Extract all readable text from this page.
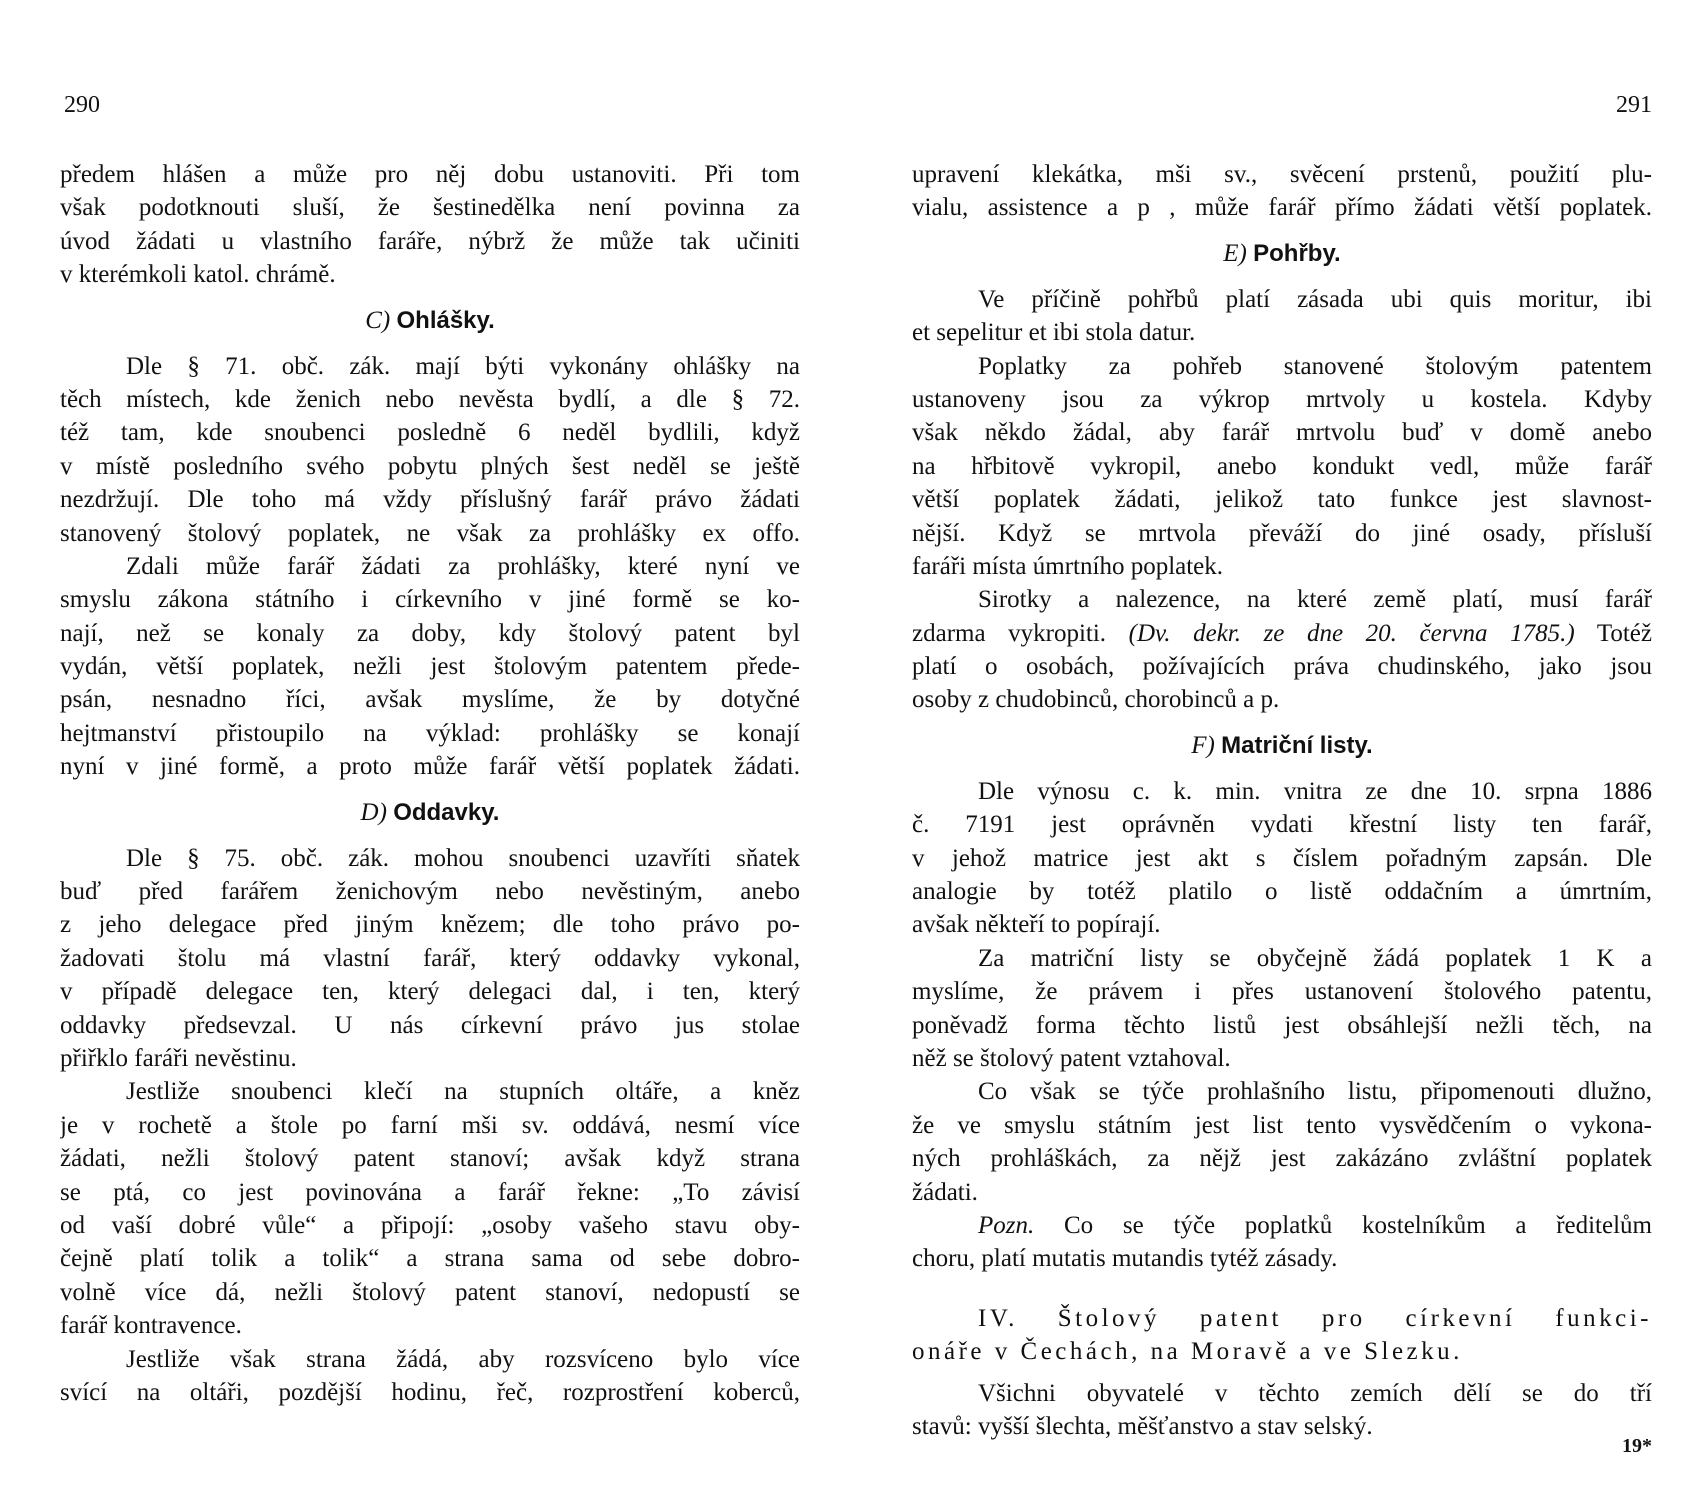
290
předem hlášen a může pro něj dobu ustanoviti. Při tom
však podotknouti sluší, že šestinedělka není povinna za
úvod žádati u vlastního faráře, nýbrž že může tak učiniti
v kterémkoli katol. chrámě.
C) Ohlášky.
Dle § 71. obč. zák. mají býti vykonány ohlášky na
těch místech, kde ženich nebo nevěsta bydlí, a dle § 72.
též tam, kde snoubenci posledně 6 neděl bydlili, když
v místě posledního svého pobytu plných šest neděl se ještě
nezdržují. Dle toho má vždy příslušný farář právo žádati
stanovený štolový poplatek, ne však za prohlášky ex offo.
Zdali může farář žádati za prohlášky, které nyní ve
smyslu zákona státního i církevního v jiné formě se ko-
nají, než se konaly za doby, kdy štolový patent byl
vydán, větší poplatek, nežli jest štolovým patentem přede-
psán, nesnadno říci, avšak myslíme, že by dotyčné
hejtmanství přistoupilo na výklad: prohlášky se konají
nyní v jiné formě, a proto může farář větší poplatek žádati.
D) Oddavky.
Dle § 75. obč. zák. mohou snoubenci uzavříti sňatek
buď před farářem ženichovým nebo nevěstiným, anebo
z jeho delegace před jiným knězem; dle toho právo po-
žadovati štolu má vlastní farář, který oddavky vykonal,
v případě delegace ten, který delegaci dal, i ten, který
oddavky předsevzal. U nás církevní právo jus stolae
přiřklo faráři nevěstinu.
Jestliže snoubenci klečí na stupních oltáře, a kněz
je v rochetě a štole po farní mši sv. oddává, nesmí více
žádati, nežli štolový patent stanoví; avšak když strana
se ptá, co jest povinována a farář řekne: „To závisí
od vaší dobré vůle“ a připojí: „osoby vašeho stavu oby-
čejně platí tolik a tolik“ a strana sama od sebe dobro-
volně více dá, nežli štolový patent stanoví, nedopustí se
farář kontravence.
Jestliže však strana žádá, aby rozsvíceno bylo více
svící na oltáři, pozdější hodinu, řeč, rozprostření koberců,
291
upravení klekátka, mši sv., svěcení prstenů, použití plu-
vialu, assistence a p , může farář přímo žádati větší poplatek.
E) Pohřby.
Ve příčině pohřbů platí zásada ubi quis moritur, ibi
et sepelitur et ibi stola datur.
Poplatky za pohřeb stanovené štolovým patentem
ustanoveny jsou za výkrop mrtvoly u kostela. Kdyby
však někdo žádal, aby farář mrtvolu buď v domě anebo
na hřbitově vykropil, anebo kondukt vedl, může farář
větší poplatek žádati, jelikož tato funkce jest slavnost-
nější. Když se mrtvola převáží do jiné osady, přísluší
faráři místa úmrtního poplatek.
Sirotky a nalezence, na které země platí, musí farář
zdarma vykropiti. (Dv. dekr. ze dne 20. června 1785.) Totéž
platí o osobách, požívajících práva chudinského, jako jsou
osoby z chudobinců, chorobinců a p.
F) Matriční listy.
Dle výnosu c. k. min. vnitra ze dne 10. srpna 1886
č. 7191 jest oprávněn vydati křestní listy ten farář,
v jehož matrice jest akt s číslem pořadným zapsán. Dle
analogie by totéž platilo o listě oddačním a úmrtním,
avšak někteří to popírají.
Za matriční listy se obyčejně žádá poplatek 1 K a
myslíme, že právem i přes ustanovení štolového patentu,
poněvadž forma těchto listů jest obsáhlejší nežli těch, na
něž se štolový patent vztahoval.
Co však se týče prohlašního listu, připomenouti dlužno,
že ve smyslu státním jest list tento vysvědčením o vykona-
ných prohláškách, za nějž jest zakázáno zvláštní poplatek
žádati.
Pozn. Co se týče poplatků kostelníkům a ředitelům
choru, platí mutatis mutandis tytéž zásady.
IV. Štolový patent pro církevní funkci-
onáře v Čechách, na Moravě a ve Slezku.
Všichni obyvatelé v těchto zemích dělí se do tří
stavů: vyšší šlechta, měšťanstvo a stav selský.
19*
